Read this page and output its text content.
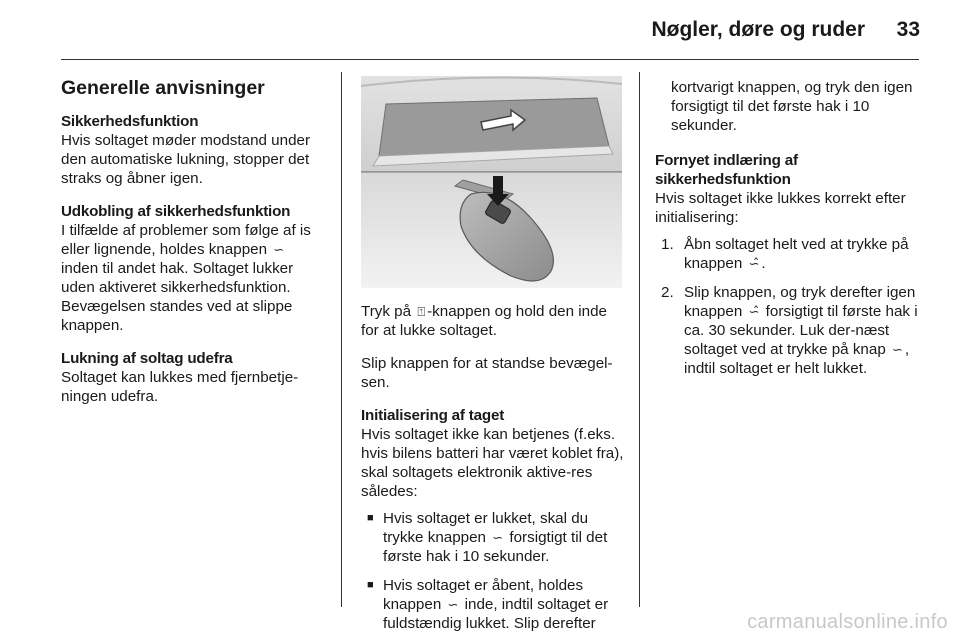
Nøgler, døre og ruder 33
Generelle anvisninger

Sikkerhedsfunktion
Hvis soltaget møder modstand under den automatiske lukning, stopper det straks og åbner igen.

Udkobling af sikkerhedsfunktion
I tilfælde af problemer som følge af is eller lignende, holdes knappen ∽ inden til andet hak. Soltaget lukker uden aktiveret sikkerhedsfunktion. Bevægelsen standes ved at slippe knappen.

Lukning af soltag udefra
Soltaget kan lukkes med fjernbetje-ningen udefra.

Tryk på ⍐ -knappen og hold den inde for at lukke soltaget.

Slip knappen for at standse bevægel-sen.

Initialisering af taget
Hvis soltaget ikke kan betjenes (f.eks. hvis bilens batteri har været koblet fra), skal soltagets elektronik aktive-res således:

■ Hvis soltaget er lukket, skal du trykke knappen ∽ forsigtigt til det første hak i 10 sekunder.
■ Hvis soltaget er åbent, holdes knappen ∽ inde, indtil soltaget er fuldstændig lukket. Slip derefter

kortvarigt knappen, og tryk den igen forsigtigt til det første hak i 10 sekunder.

Fornyet indlæring af
sikkerhedsfunktion
Hvis soltaget ikke lukkes korrekt efter initialisering:

1. Åbn soltaget helt ved at trykke på knappen ∽̂ .
2. Slip knappen, og tryk derefter igen knappen ∽̂ forsigtigt til første hak i ca. 30 sekunder. Luk der-næst soltaget ved at trykke på knap ∽ , indtil soltaget er helt lukket.
carmanualsonline.info
